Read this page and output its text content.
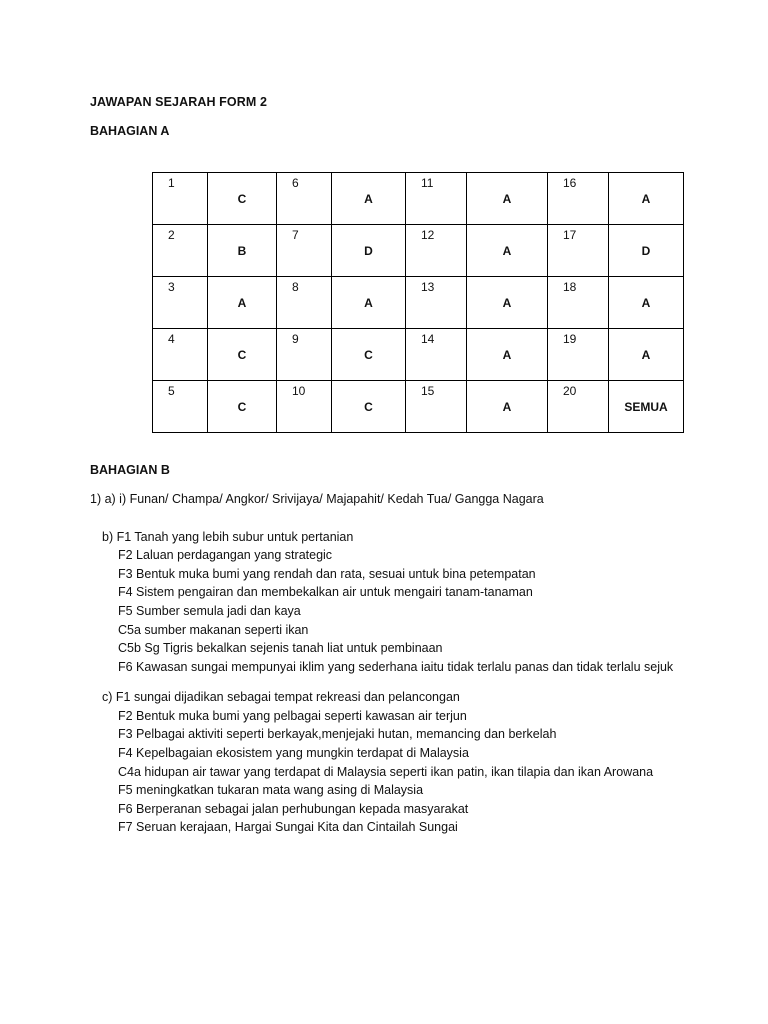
JAWAPAN SEJARAH FORM 2
BAHAGIAN A
1	C	6	A	11	A	16	A
2	B	7	D	12	A	17	D
3	A	8	A	13	A	18	A
4	C	9	C	14	A	19	A
5	C	10	C	15	A	20	SEMUA
BAHAGIAN B
1) a) i) Funan/ Champa/ Angkor/ Srivijaya/ Majapahit/ Kedah Tua/ Gangga Nagara
b) F1 Tanah yang lebih subur untuk pertanian
F2 Laluan perdagangan yang strategic
F3 Bentuk muka bumi yang rendah dan rata, sesuai untuk bina petempatan
F4 Sistem pengairan dan membekalkan air untuk mengairi tanam-tanaman
F5 Sumber semula jadi dan kaya
C5a sumber makanan seperti ikan
C5b Sg Tigris bekalkan sejenis tanah liat untuk pembinaan
F6 Kawasan sungai mempunyai iklim yang sederhana iaitu tidak terlalu panas dan tidak terlalu sejuk
c) F1 sungai dijadikan sebagai tempat rekreasi dan pelancongan
F2 Bentuk muka bumi yang pelbagai seperti kawasan air terjun
F3 Pelbagai aktiviti seperti berkayak,menjejaki hutan, memancing dan berkelah
F4 Kepelbagaian ekosistem yang mungkin terdapat di Malaysia
C4a hidupan air tawar yang terdapat di Malaysia seperti ikan patin, ikan tilapia dan ikan Arowana
F5 meningkatkan tukaran mata wang asing di Malaysia
F6 Berperanan sebagai jalan perhubungan kepada masyarakat
F7 Seruan kerajaan, Hargai Sungai Kita dan Cintailah Sungai
